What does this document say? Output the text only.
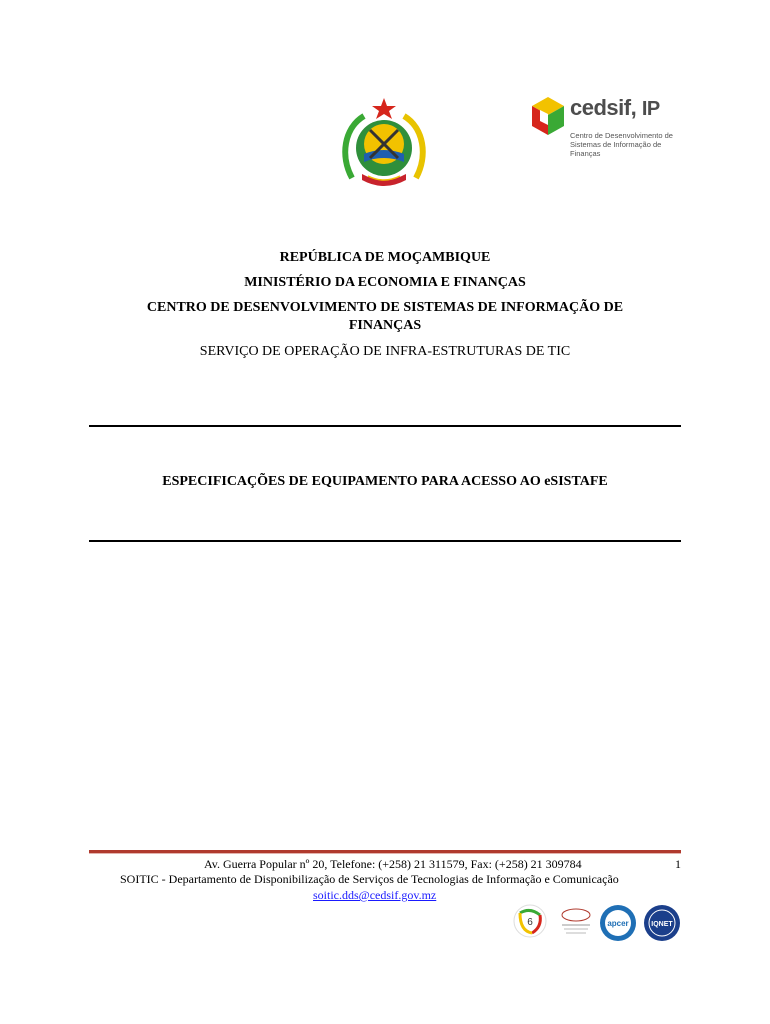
cedsif, IP
Centro de Desenvolvimento de
Sistemas de Informação de Finanças
REPÚBLICA DE MOÇAMBIQUE
MINISTÉRIO DA ECONOMIA E FINANÇAS
CENTRO DE DESENVOLVIMENTO DE SISTEMAS DE INFORMAÇÃO DE
FINANÇAS
SERVIÇO DE OPERAÇÃO DE INFRA-ESTRUTURAS DE TIC
ESPECIFICAÇÕES DE EQUIPAMENTO PARA ACESSO AO eSISTAFE
Av. Guerra Popular nº 20, Telefone: (+258) 21 311579, Fax: (+258) 21 309784	1
SOITIC - Departamento de Disponibilização de Serviços de Tecnologias de Informação e Comunicação
soitic.dds@cedsif.gov.mz
6	apcer	IQNET
